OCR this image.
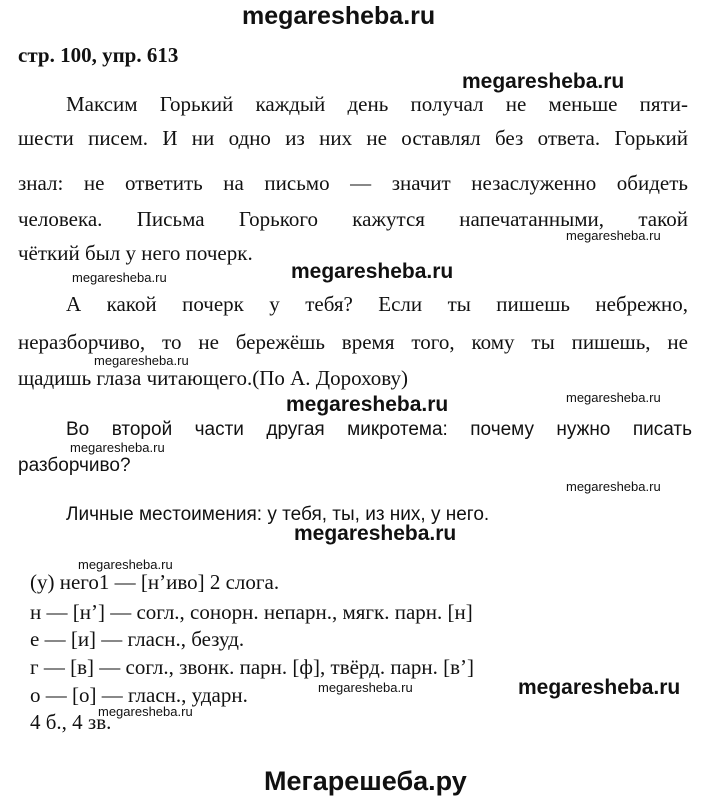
megaresheba.ru
стр. 100, упр. 613
megaresheba.ru
Максим Горький каждый день получал не меньше пяти-
шести писем. И ни одно из них не оставлял без ответа. Горький
знал: не ответить на письмо — значит незаслуженно обидеть
человека. Письма Горького кажутся напечатанными, такой
megaresheba.ru
чёткий был у него почерк.
megaresheba.ru
megaresheba.ru
А какой почерк у тебя? Если ты пишешь небрежно,
неразборчиво, то не бережёшь время того, кому ты пишешь, не
megaresheba.ru
щадишь глаза читающего.(По А. Дорохову)
megaresheba.ru	megaresheba.ru
Во второй части другая микротема: почему нужно писать
megaresheba.ru
разборчиво?
megaresheba.ru
Личные местоимения: у тебя, ты, из них, у него.
megaresheba.ru
megaresheba.ru
(у) него1 — [н’иво] 2 слога.
н — [н’] — согл., сонорн. непарн., мягк. парн. [н]
е — [и] — гласн., безуд.
г — [в] — согл., звонк. парн. [ф], твёрд. парн. [в’]
о — [о] — гласн., ударн.	megaresheba.ru	megaresheba.ru
megaresheba.ru
4 б., 4 зв.
Мегарешеба.ру
